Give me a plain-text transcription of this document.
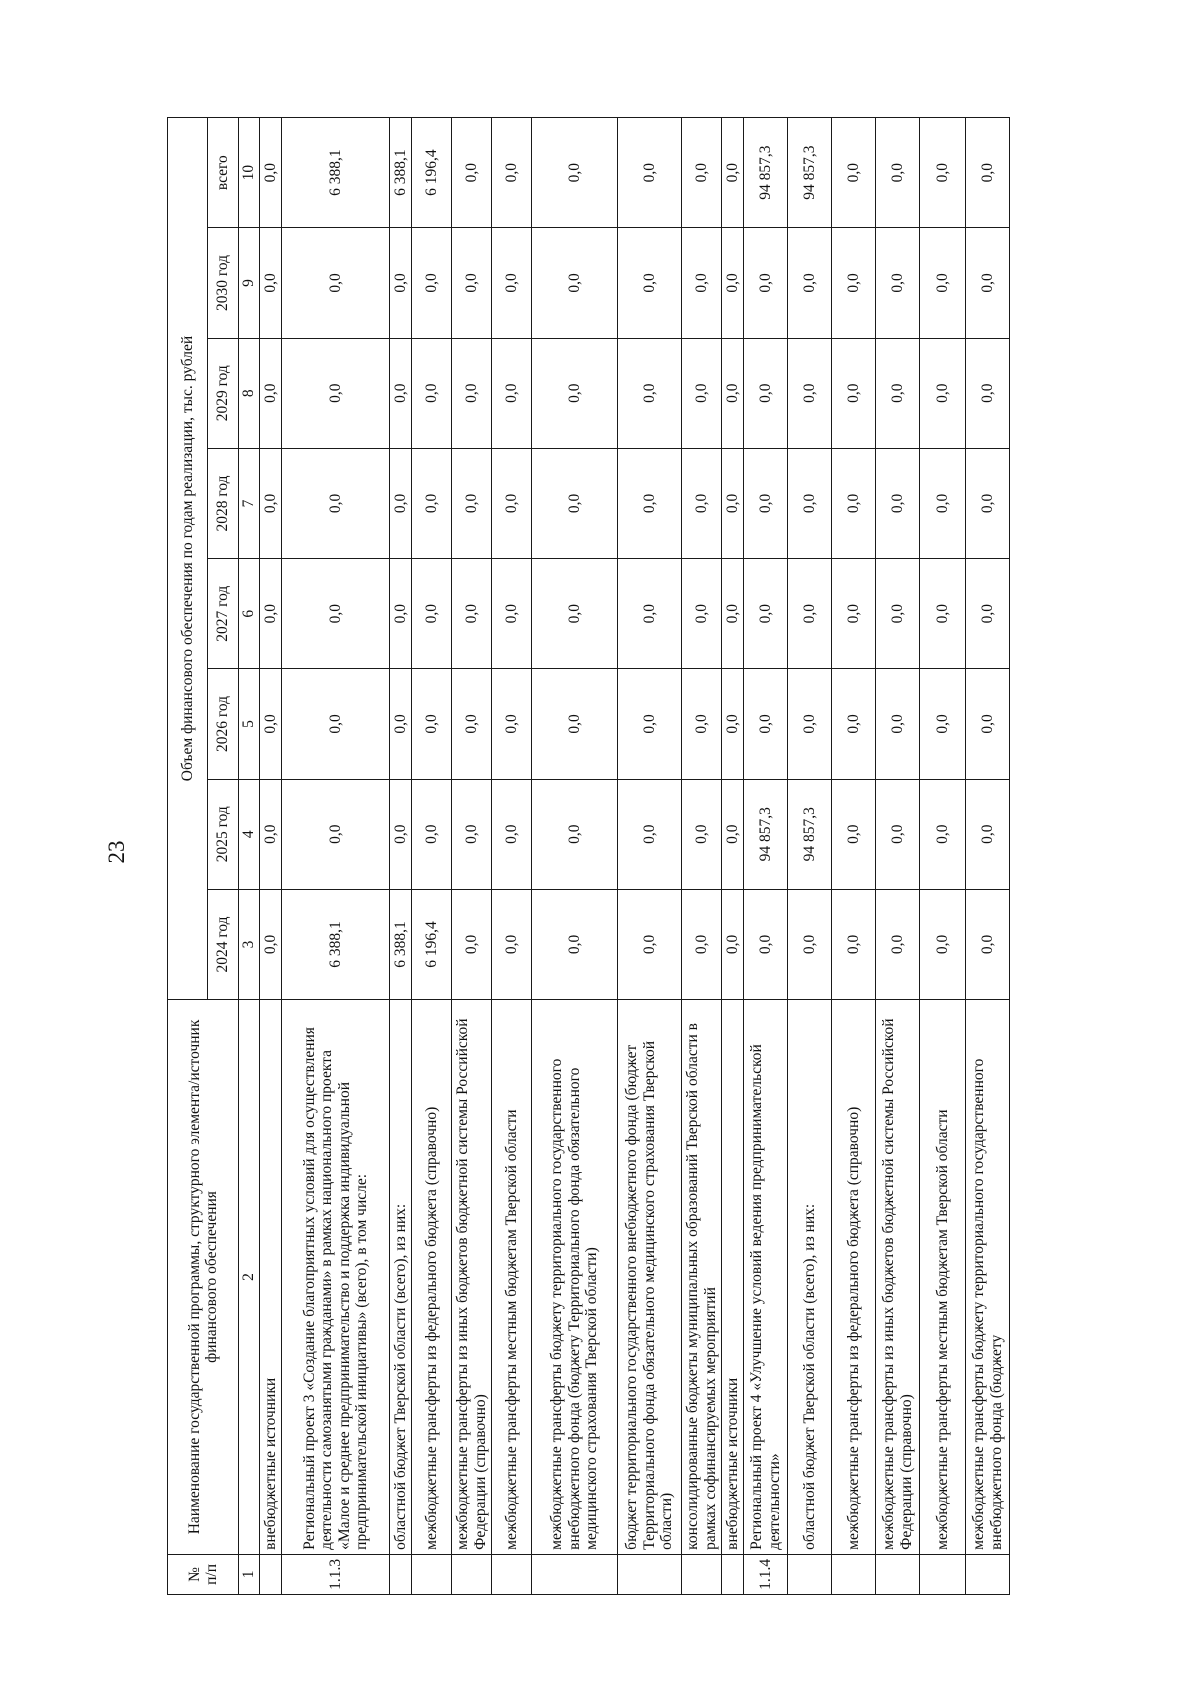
23
№ п/п	Наименование государственной программы, структурного элемента/источник финансового обеспечения	Объем финансового обеспечения по годам реализации, тыс. рублей							
		2024 год	2025 год	2026 год	2027 год	2028 год	2029 год	2030 год	всего
1	2	3	4	5	6	7	8	9	10
	внебюджетные источники	0,0	0,0	0,0	0,0	0,0	0,0	0,0	0,0
1.1.3	Региональный проект 3 «Создание благоприятных условий для осуществления деятельности самозанятыми гражданами» в рамках национального проекта «Малое и среднее предпринимательство и поддержка индивидуальной предпринимательской инициативы» (всего), в том числе:	6 388,1	0,0	0,0	0,0	0,0	0,0	0,0	6 388,1
	областной бюджет Тверской области (всего), из них:	6 388,1	0,0	0,0	0,0	0,0	0,0	0,0	6 388,1
	межбюджетные трансферты из федерального бюджета (справочно)	6 196,4	0,0	0,0	0,0	0,0	0,0	0,0	6 196,4
	межбюджетные трансферты из иных бюджетов бюджетной системы Российской Федерации (справочно)	0,0	0,0	0,0	0,0	0,0	0,0	0,0	0,0
	межбюджетные трансферты местным бюджетам Тверской области	0,0	0,0	0,0	0,0	0,0	0,0	0,0	0,0
	межбюджетные трансферты бюджету территориального государственного внебюджетного фонда (бюджету Территориального фонда обязательного медицинского страхования Тверской области)	0,0	0,0	0,0	0,0	0,0	0,0	0,0	0,0
	бюджет территориального государственного внебюджетного фонда (бюджет Территориального фонда обязательного медицинского страхования Тверской области)	0,0	0,0	0,0	0,0	0,0	0,0	0,0	0,0
	консолидированные бюджеты муниципальных образований Тверской области в рамках софинансируемых мероприятий	0,0	0,0	0,0	0,0	0,0	0,0	0,0	0,0
	внебюджетные источники	0,0	0,0	0,0	0,0	0,0	0,0	0,0	0,0
1.1.4	Региональный проект 4 «Улучшение условий ведения предпринимательской деятельности»	0,0	94 857,3	0,0	0,0	0,0	0,0	0,0	94 857,3
	областной бюджет Тверской области (всего), из них:	0,0	94 857,3	0,0	0,0	0,0	0,0	0,0	94 857,3
	межбюджетные трансферты из федерального бюджета (справочно)	0,0	0,0	0,0	0,0	0,0	0,0	0,0	0,0
	межбюджетные трансферты из иных бюджетов бюджетной системы Российской Федерации (справочно)	0,0	0,0	0,0	0,0	0,0	0,0	0,0	0,0
	межбюджетные трансферты местным бюджетам Тверской области	0,0	0,0	0,0	0,0	0,0	0,0	0,0	0,0
	межбюджетные трансферты бюджету территориального государственного внебюджетного фонда (бюджету	0,0	0,0	0,0	0,0	0,0	0,0	0,0	0,0
